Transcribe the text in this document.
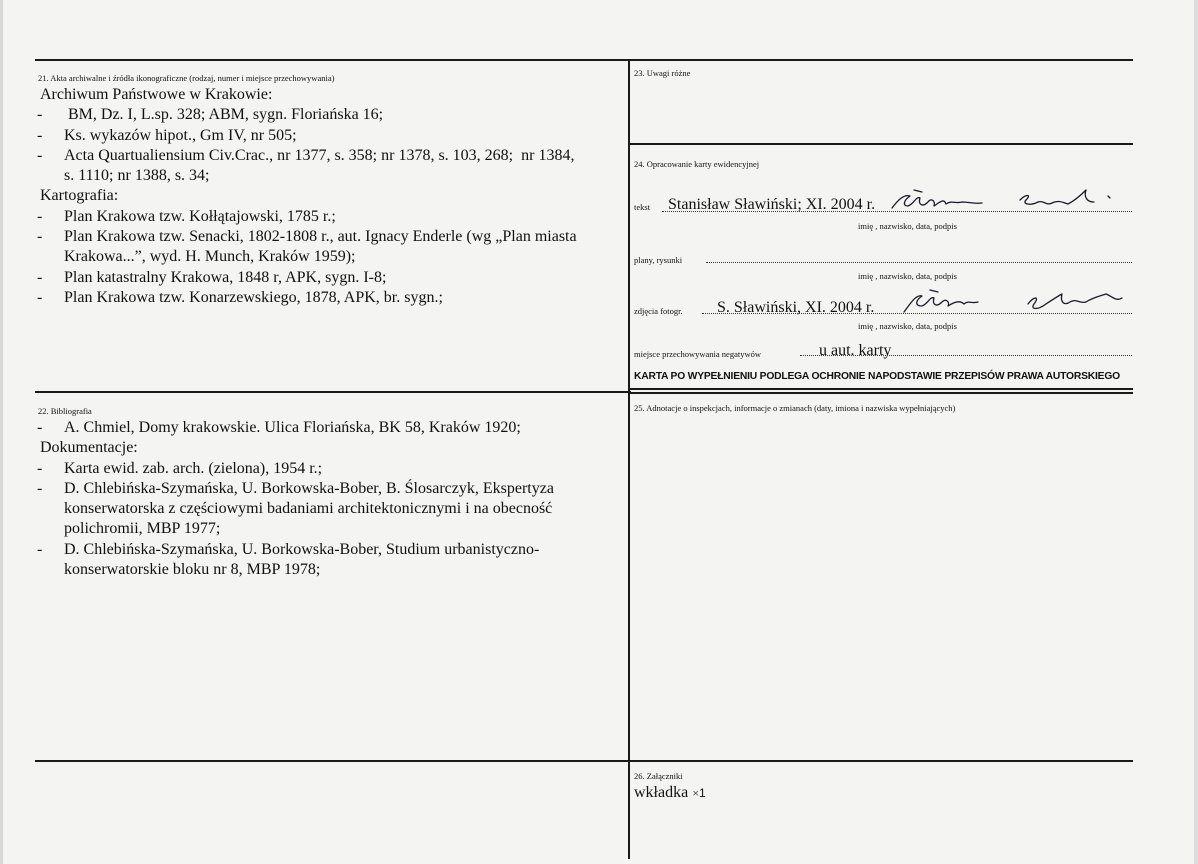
21. Akta archiwalne i źródła ikonograficzne (rodzaj, numer i miejsce przechowywania)
Archiwum Państwowe w Krakowie:
- BM, Dz. I, L.sp. 328; ABM, sygn. Floriańska 16;
- Ks. wykazów hipot., Gm IV, nr 505;
- Acta Quartualiensium Civ.Crac., nr 1377, s. 358; nr 1378, s. 103, 268;  nr 1384,
s. 1110; nr 1388, s. 34;
Kartografia:
- Plan Krakowa tzw. Kołłątajowski, 1785 r.;
- Plan Krakowa tzw. Senacki, 1802-1808 r., aut. Ignacy Enderle (wg „Plan miasta
Krakowa...”, wyd. H. Munch, Kraków 1959);
- Plan katastralny Krakowa, 1848 r, APK, sygn. I-8;
- Plan Krakowa tzw. Konarzewskiego, 1878, APK, br. sygn.;
22. Bibliografia
- A. Chmiel, Domy krakowskie. Ulica Floriańska, BK 58, Kraków 1920;
Dokumentacje:
- Karta ewid. zab. arch. (zielona), 1954 r.;
- D. Chlebińska-Szymańska, U. Borkowska-Bober, B. Ślosarczyk, Ekspertyza
konserwatorska z częściowymi badaniami architektonicznymi i na obecność
polichromii, MBP 1977;
- D. Chlebińska-Szymańska, U. Borkowska-Bober, Studium urbanistyczno-
konserwatorskie bloku nr 8, MBP 1978;
23. Uwagi różne
24. Opracowanie karty ewidencyjnej
tekst Stanisław Sławiński; XI. 2004 r.
imię , nazwisko, data, podpis
plany, rysunki
imię , nazwisko, data, podpis
zdjęcia fotogr. S. Sławiński, XI. 2004 r.
imię , nazwisko, data, podpis
miejsce przechowywania negatywów	u aut. karty
KARTA PO WYPEŁNIENIU PODLEGA OCHRONIE NAPODSTAWIE PRZEPISÓW PRAWA AUTORSKIEGO
25. Adnotacje o inspekcjach, informacje o zmianach (daty, imiona i nazwiska wypełniających)
26. Załączniki
wkładka ×1
